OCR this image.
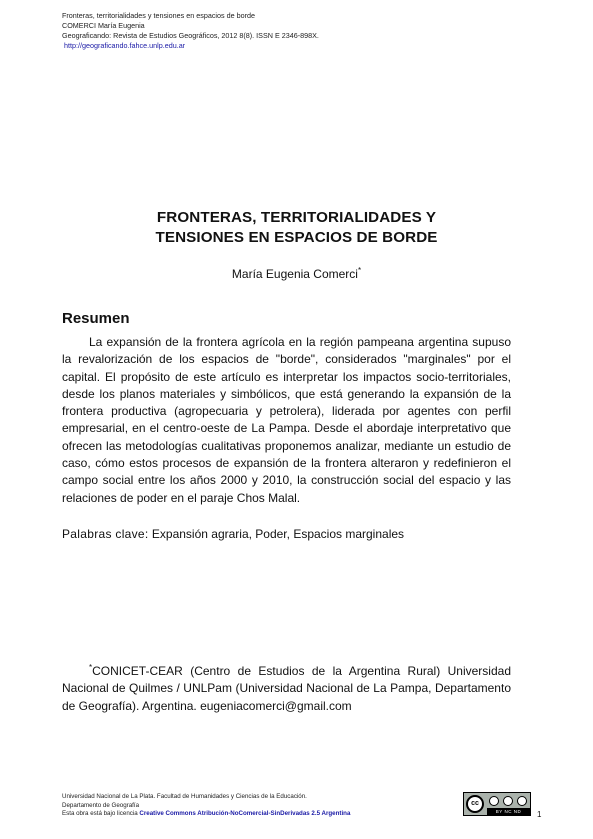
Fronteras, territorialidades y tensiones en espacios de borde
COMERCI María Eugenia
Geograficando: Revista de Estudios Geográficos, 2012 8(8). ISSN E 2346-898X.
http://geograficando.fahce.unlp.edu.ar
FRONTERAS, TERRITORIALIDADES Y
TENSIONES EN ESPACIOS DE BORDE
María Eugenia Comerci*
Resumen

La expansión de la frontera agrícola en la región pampeana argentina supuso la revalorización de los espacios de "borde", considerados "marginales" por el capital. El propósito de este artículo es interpretar los impactos socio-territoriales, desde los planos materiales y simbólicos, que está generando la expansión de la frontera productiva (agropecuaria y petrolera), liderada por agentes con perfil empresarial, en el centro-oeste de La Pampa. Desde el abordaje interpretativo que ofrecen las metodologías cualitativas proponemos analizar, mediante un estudio de caso, cómo estos procesos de expansión de la frontera alteraron y redefinieron el campo social entre los años 2000 y 2010, la construcción social del espacio y las relaciones de poder en el paraje Chos Malal.

Palabras clave: Expansión agraria, Poder, Espacios marginales

*CONICET-CEAR (Centro de Estudios de la Argentina Rural) Universidad Nacional de Quilmes / UNLPam (Universidad Nacional de La Pampa, Departamento de Geografía). Argentina. eugeniacomerci@gmail.com

Universidad Nacional de La Plata. Facultad de Humanidades y Ciencias de la Educación.
Departamento de Geografía
Esta obra está bajo licencia Creative Commons Atribución-NoComercial-SinDerivadas 2.5 Argentina
cc
BY NC ND	1
